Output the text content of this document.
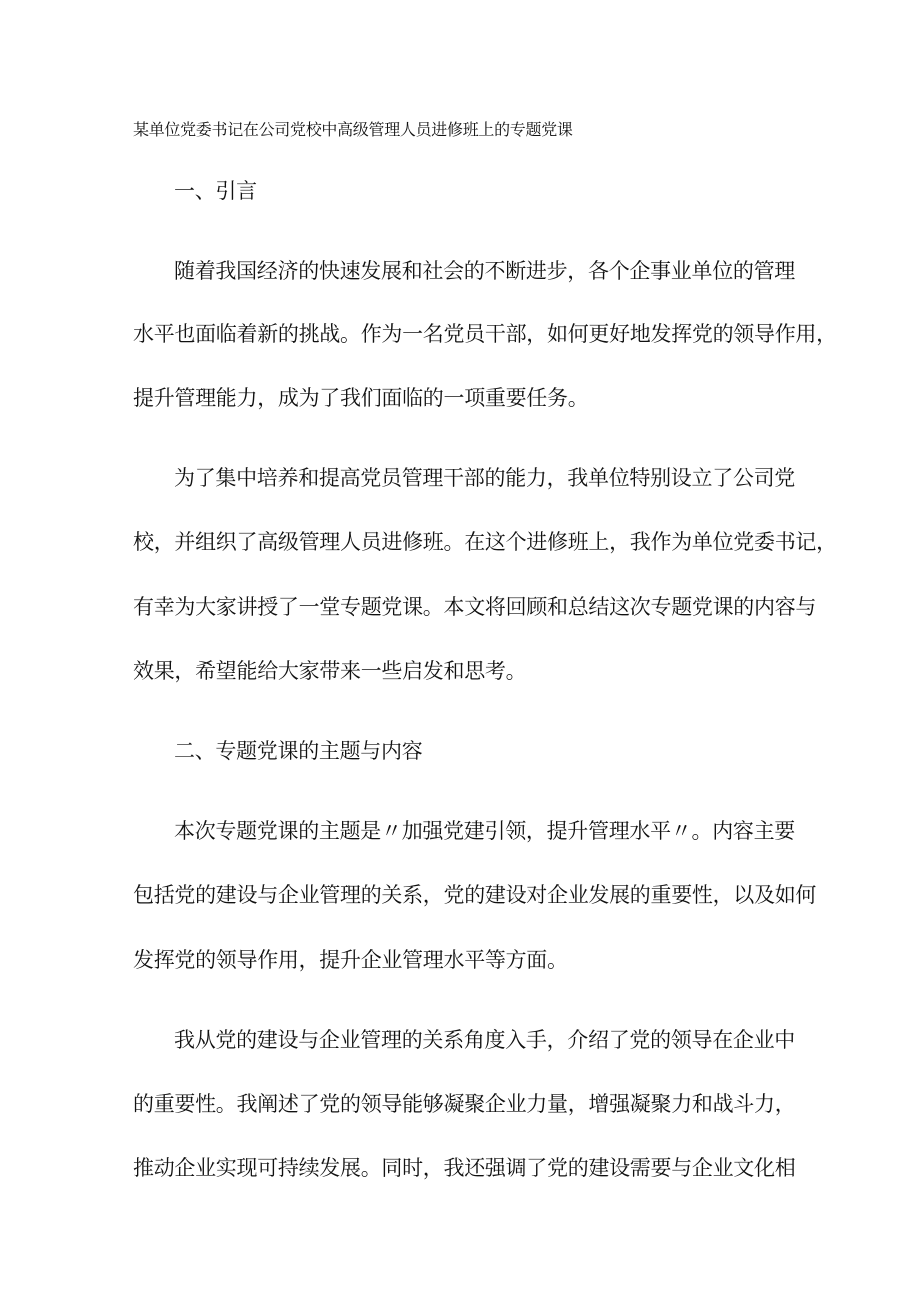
某单位党委书记在公司党校中高级管理人员进修班上的专题党课
一、引言
随着我国经济的快速发展和社会的不断进步，各个企事业单位的管理
水平也面临着新的挑战。作为一名党员干部，如何更好地发挥党的领导作用，
提升管理能力，成为了我们面临的一项重要任务。
为了集中培养和提高党员管理干部的能力，我单位特别设立了公司党
校，并组织了高级管理人员进修班。在这个进修班上，我作为单位党委书记，
有幸为大家讲授了一堂专题党课。本文将回顾和总结这次专题党课的内容与
效果，希望能给大家带来一些启发和思考。
二、专题党课的主题与内容
本次专题党课的主题是〃加强党建引领，提升管理水平〃。内容主要
包括党的建设与企业管理的关系，党的建设对企业发展的重要性，以及如何
发挥党的领导作用，提升企业管理水平等方面。
我从党的建设与企业管理的关系角度入手，介绍了党的领导在企业中
的重要性。我阐述了党的领导能够凝聚企业力量，增强凝聚力和战斗力，
推动企业实现可持续发展。同时，我还强调了党的建设需要与企业文化相
